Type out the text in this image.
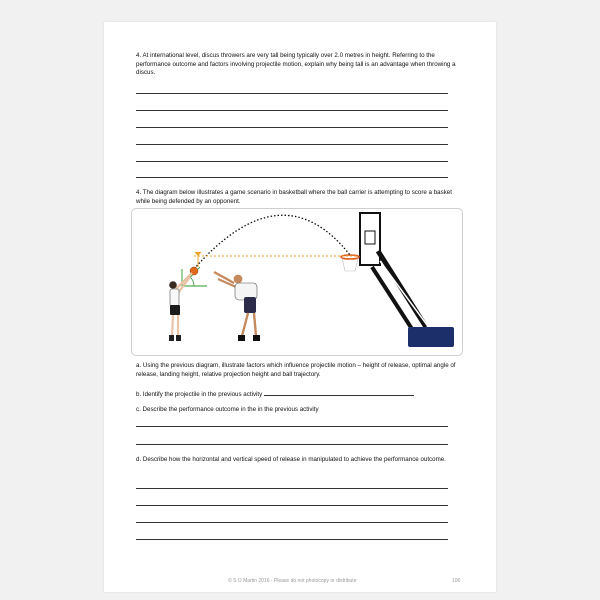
4. At international level, discus throwers are very tall being typically over 2.0 metres in height. Referring to the performance outcome and factors involving projectile motion, explain why being tall is an advantage when throwing a discus.
4. The diagram below illustrates a game scenario in basketball where the ball carrier is attempting to score a basket while being defended by an opponent.
a. Using the previous diagram, illustrate factors which influence projectile motion – height of release, optimal angle of release, landing height, relative projection height and ball trajectory.
b. Identify the projectile in the previous activity
c. Describe the performance outcome in the in the previous activity
d. Describe how the horizontal and vertical speed of release in manipulated to achieve the performance outcome.
© S O Martin 2016 - Please do not photocopy or distribute	106
